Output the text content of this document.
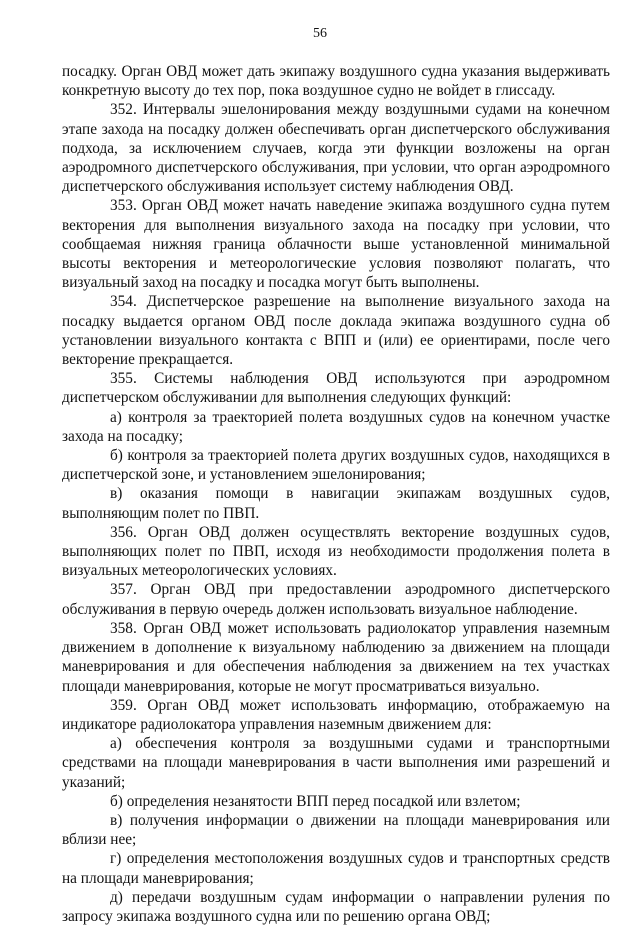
56

посадку. Орган ОВД может дать экипажу воздушного судна указания выдерживать конкретную высоту до тех пор, пока воздушное судно не войдет в глиссаду.

352. Интервалы эшелонирования между воздушными судами на конечном этапе захода на посадку должен обеспечивать орган диспетчерского обслуживания подхода, за исключением случаев, когда эти функции возложены на орган аэродромного диспетчерского обслуживания, при условии, что орган аэродромного диспетчерского обслуживания использует систему наблюдения ОВД.

353. Орган ОВД может начать наведение экипажа воздушного судна путем векторения для выполнения визуального захода на посадку при условии, что сообщаемая нижняя граница облачности выше установленной минимальной высоты векторения и метеорологические условия позволяют полагать, что визуальный заход на посадку и посадка могут быть выполнены.

354. Диспетчерское разрешение на выполнение визуального захода на посадку выдается органом ОВД после доклада экипажа воздушного судна об установлении визуального контакта с ВПП и (или) ее ориентирами, после чего векторение прекращается.

355. Системы наблюдения ОВД используются при аэродромном диспетчерском обслуживании для выполнения следующих функций:

а) контроля за траекторией полета воздушных судов на конечном участке захода на посадку;

б) контроля за траекторией полета других воздушных судов, находящихся в диспетчерской зоне, и установлением эшелонирования;

в) оказания помощи в навигации экипажам воздушных судов, выполняющим полет по ПВП.

356. Орган ОВД должен осуществлять векторение воздушных судов, выполняющих полет по ПВП, исходя из необходимости продолжения полета в визуальных метеорологических условиях.

357. Орган ОВД при предоставлении аэродромного диспетчерского обслуживания в первую очередь должен использовать визуальное наблюдение.

358. Орган ОВД может использовать радиолокатор управления наземным движением в дополнение к визуальному наблюдению за движением на площади маневрирования и для обеспечения наблюдения за движением на тех участках площади маневрирования, которые не могут просматриваться визуально.

359. Орган ОВД может использовать информацию, отображаемую на индикаторе радиолокатора управления наземным движением для:

а) обеспечения контроля за воздушными судами и транспортными средствами на площади маневрирования в части выполнения ими разрешений и указаний;

б) определения незанятости ВПП перед посадкой или взлетом;

в) получения информации о движении на площади маневрирования или вблизи нее;

г) определения местоположения воздушных судов и транспортных средств на площади маневрирования;

д) передачи воздушным судам информации о направлении руления по запросу экипажа воздушного судна или по решению органа ОВД;
